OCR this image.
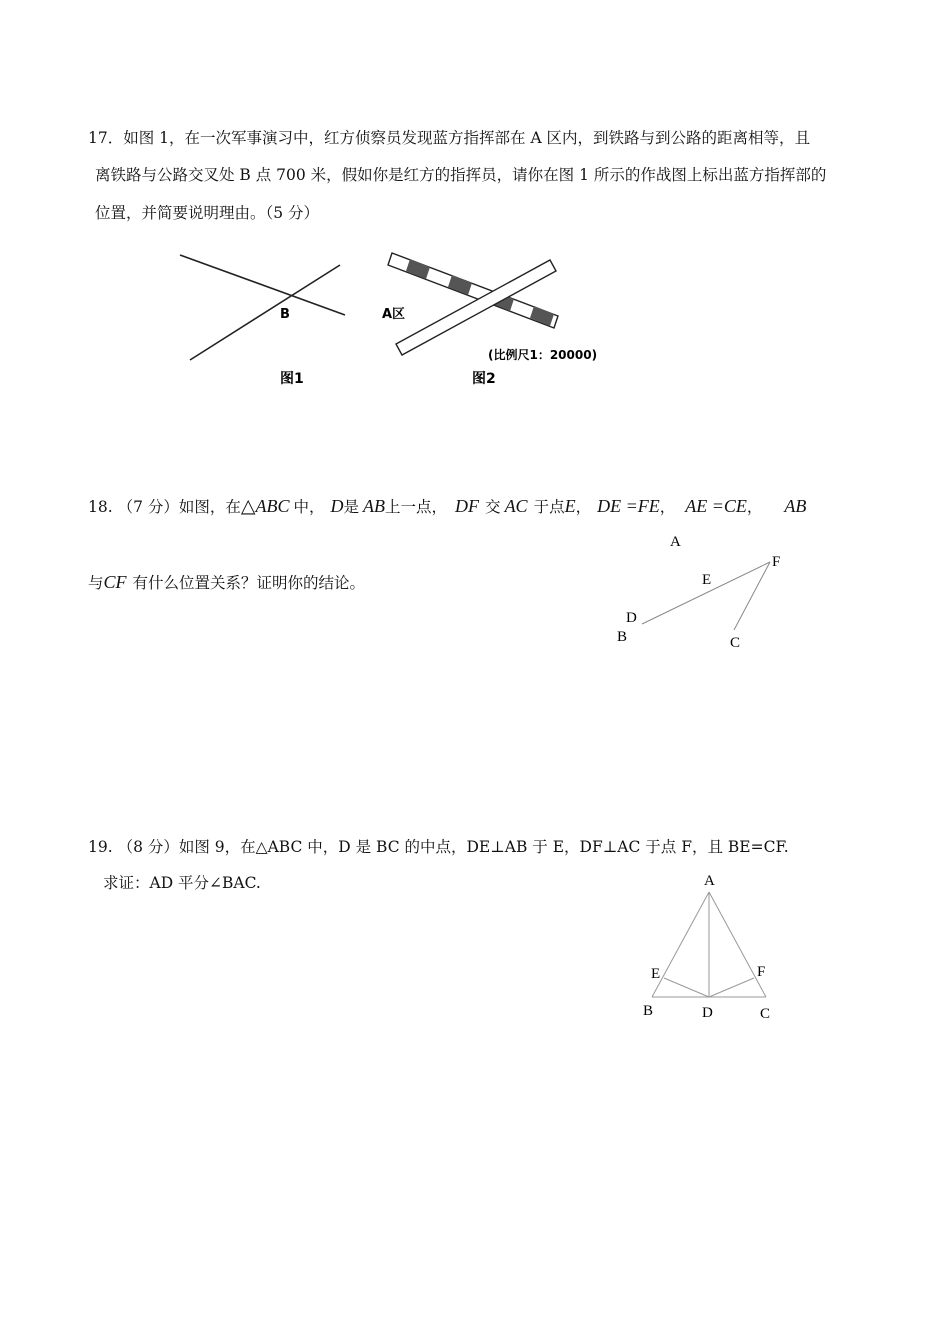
17．如图 1，在一次军事演习中，红方侦察员发现蓝方指挥部在 A 区内，到铁路与到公路的距离相等，且
离铁路与公路交叉处 B 点 700 米，假如你是红方的指挥员，请你在图 1 所示的作战图上标出蓝方指挥部的
位置，并简要说明理由。（5 分）
B
图1
A区
(比例尺1：20000)
图2
18. （7 分）如图，在△ABC 中， D是 AB上一点， DF 交 AC 于点E， DE =FE， AE =CE， AB
与CF 有什么位置关系？证明你的结论。
A
E
F
D
B	C
19. （8 分）如图 9，在△ABC 中，D 是 BC 的中点，DE⊥AB 于 E，DF⊥AC 于点 F，且 BE=CF.
求证：AD 平分∠BAC.	A
E	F
B	D	C
